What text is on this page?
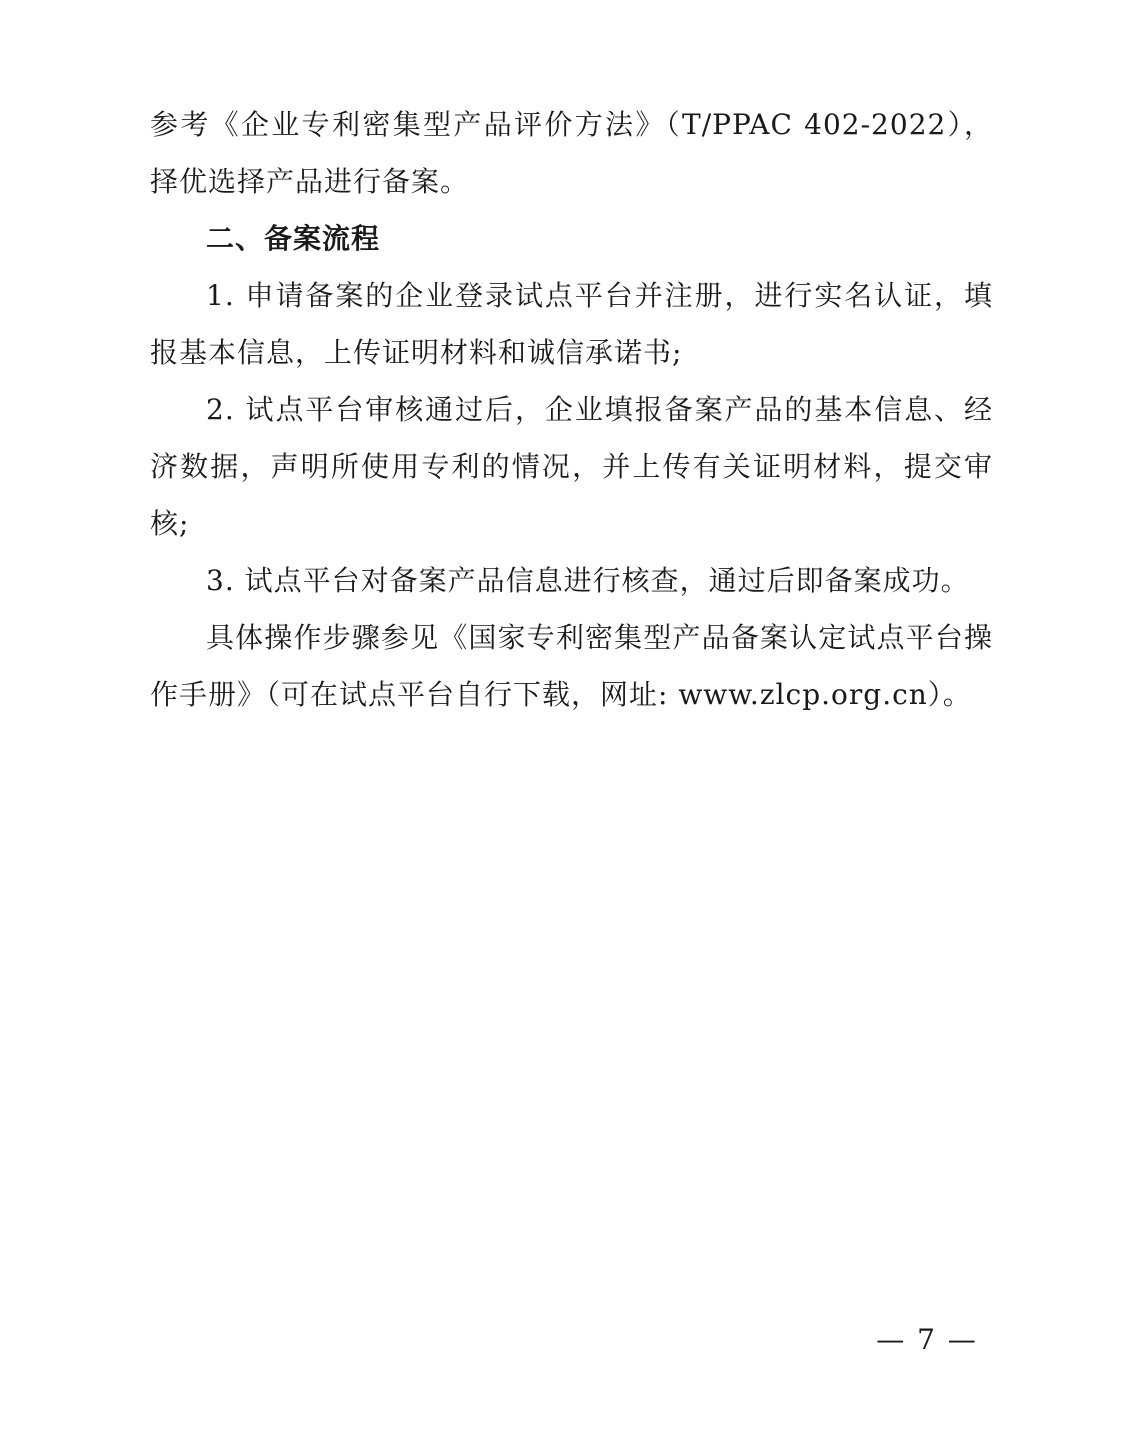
参考《企业专利密集型产品评价方法》（T/PPAC 402-2022），择优选择产品进行备案。

二、备案流程

1. 申请备案的企业登录试点平台并注册，进行实名认证，填报基本信息，上传证明材料和诚信承诺书;

2. 试点平台审核通过后，企业填报备案产品的基本信息、经济数据，声明所使用专利的情况，并上传有关证明材料，提交审核;

3. 试点平台对备案产品信息进行核查，通过后即备案成功。

具体操作步骤参见《国家专利密集型产品备案认定试点平台操作手册》（可在试点平台自行下载，网址: www.zlcp.org.cn）。

— 7 —
